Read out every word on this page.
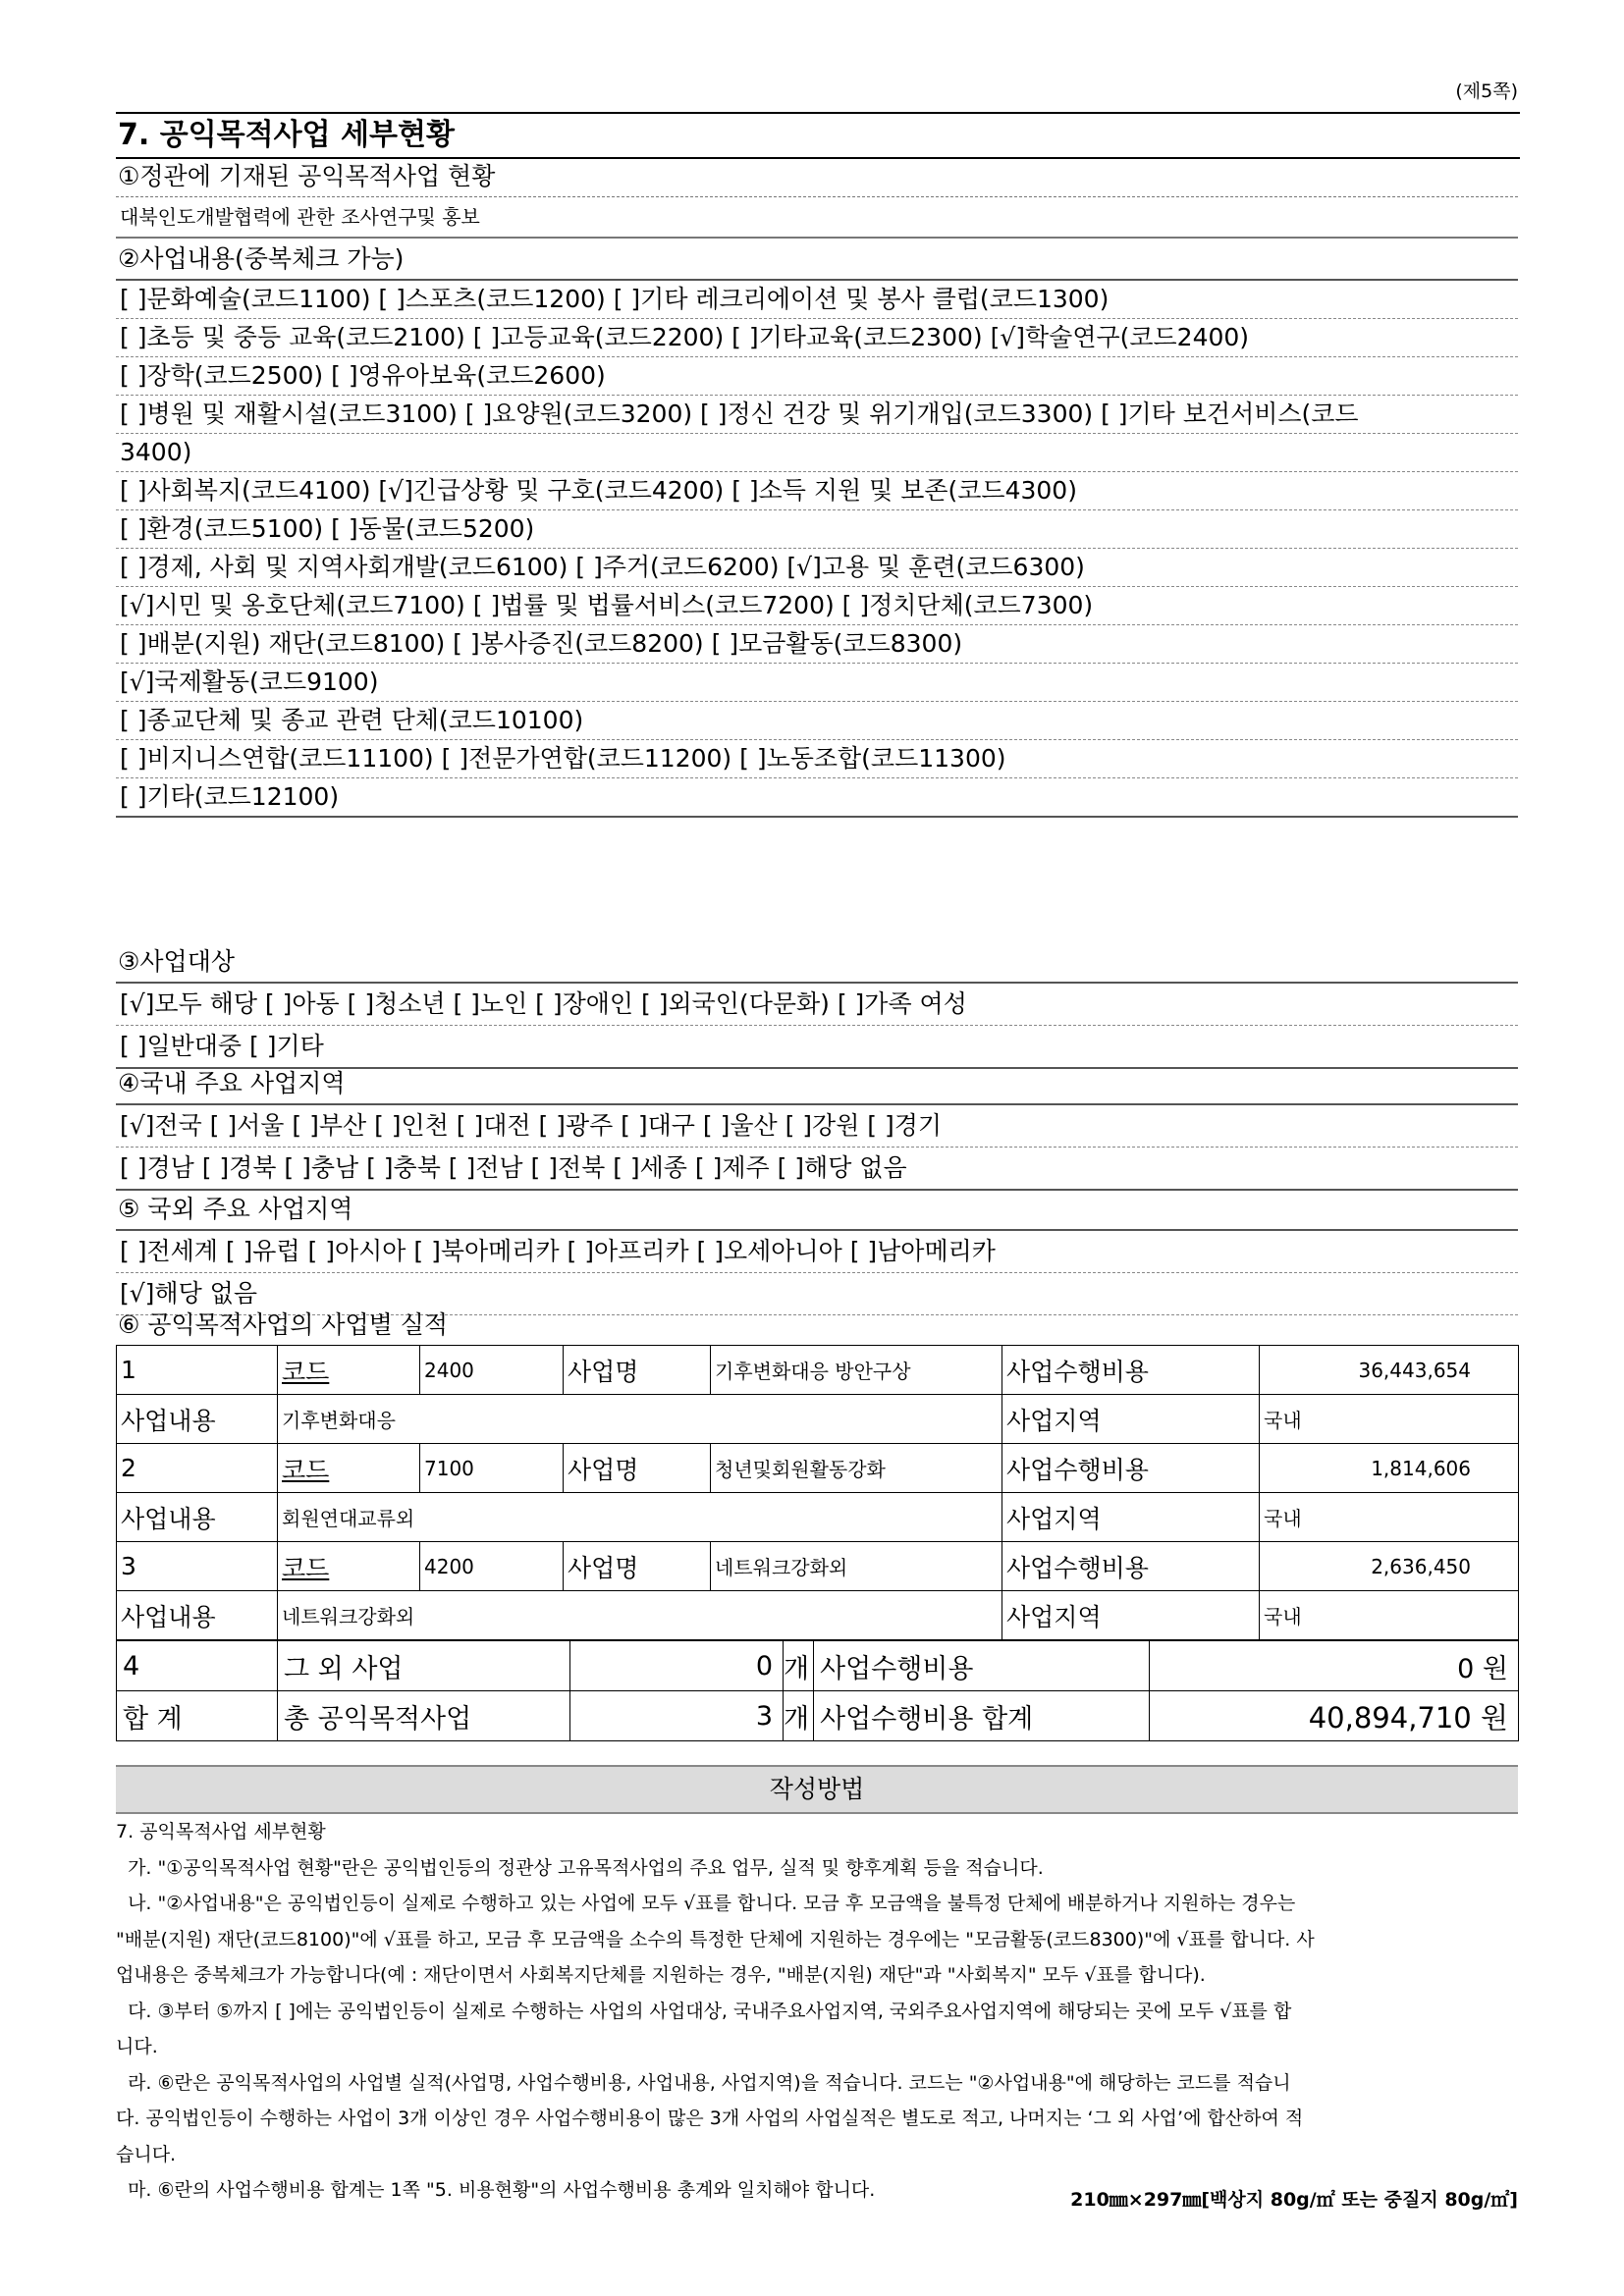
(제5쪽)
7. 공익목적사업 세부현황
①정관에 기재된 공익목적사업 현황
대북인도개발협력에 관한 조사연구및 홍보
②사업내용(중복체크 가능)
[ ]문화예술(코드1100) [ ]스포츠(코드1200) [ ]기타 레크리에이션 및 봉사 클럽(코드1300)
[ ]초등 및 중등 교육(코드2100) [ ]고등교육(코드2200) [ ]기타교육(코드2300) [√]학술연구(코드2400)
[ ]장학(코드2500) [ ]영유아보육(코드2600)
[ ]병원 및 재활시설(코드3100) [ ]요양원(코드3200) [ ]정신 건강 및 위기개입(코드3300) [ ]기타 보건서비스(코드
3400)
[ ]사회복지(코드4100) [√]긴급상황 및 구호(코드4200) [ ]소득 지원 및 보존(코드4300)
[ ]환경(코드5100) [ ]동물(코드5200)
[ ]경제, 사회 및 지역사회개발(코드6100) [ ]주거(코드6200) [√]고용 및 훈련(코드6300)
[√]시민 및 옹호단체(코드7100) [ ]법률 및 법률서비스(코드7200) [ ]정치단체(코드7300)
[ ]배분(지원) 재단(코드8100) [ ]봉사증진(코드8200) [ ]모금활동(코드8300)
[√]국제활동(코드9100)
[ ]종교단체 및 종교 관련 단체(코드10100)
[ ]비지니스연합(코드11100) [ ]전문가연합(코드11200) [ ]노동조합(코드11300)
[ ]기타(코드12100)
③사업대상
[√]모두 해당 [ ]아동 [ ]청소년 [ ]노인 [ ]장애인 [ ]외국인(다문화) [ ]가족 여성
[ ]일반대중 [ ]기타
④국내 주요 사업지역
[√]전국 [ ]서울 [ ]부산 [ ]인천 [ ]대전 [ ]광주 [ ]대구 [ ]울산 [ ]강원 [ ]경기
[ ]경남 [ ]경북 [ ]충남 [ ]충북 [ ]전남 [ ]전북 [ ]세종 [ ]제주 [ ]해당 없음
⑤ 국외 주요 사업지역
[ ]전세계 [ ]유럽 [ ]아시아 [ ]북아메리카 [ ]아프리카 [ ]오세아니아 [ ]남아메리카
[√]해당 없음
⑥ 공익목적사업의 사업별 실적
1	코드	2400	사업명	기후변화대응 방안구상	사업수행비용	36,443,654
사업내용	기후변화대응				사업지역	국내
2	코드	7100	사업명	청년및회원활동강화	사업수행비용	1,814,606
사업내용	회원연대교류외				사업지역	국내
3	코드	4200	사업명	네트워크강화외	사업수행비용	2,636,450
사업내용	네트워크강화외				사업지역	국내
4	그 외 사업	0	개	사업수행비용	0 원
합 계	총 공익목적사업	3	개	사업수행비용 합계	40,894,710 원
작성방법

7. 공익목적사업 세부현황

가. "①공익목적사업 현황"란은 공익법인등의 정관상 고유목적사업의 주요 업무, 실적 및 향후계획 등을 적습니다.

나. "②사업내용"은 공익법인등이 실제로 수행하고 있는 사업에 모두 √표를 합니다. 모금 후 모금액을 불특정 단체에 배분하거나 지원하는 경우는

"배분(지원) 재단(코드8100)"에 √표를 하고, 모금 후 모금액을 소수의 특정한 단체에 지원하는 경우에는 "모금활동(코드8300)"에 √표를 합니다. 사

업내용은 중복체크가 가능합니다(예 : 재단이면서 사회복지단체를 지원하는 경우, "배분(지원) 재단"과 "사회복지" 모두 √표를 합니다).

다. ③부터 ⑤까지 [ ]에는 공익법인등이 실제로 수행하는 사업의 사업대상, 국내주요사업지역, 국외주요사업지역에 해당되는 곳에 모두 √표를 합

니다.

라. ⑥란은 공익목적사업의 사업별 실적(사업명, 사업수행비용, 사업내용, 사업지역)을 적습니다. 코드는 "②사업내용"에 해당하는 코드를 적습니

다. 공익법인등이 수행하는 사업이 3개 이상인 경우 사업수행비용이 많은 3개 사업의 사업실적은 별도로 적고, 나머지는 ‘그 외 사업’에 합산하여 적

습니다.

마. ⑥란의 사업수행비용 합계는 1쪽 "5. 비용현황"의 사업수행비용 총계와 일치해야 합니다.	210㎜×297㎜[백상지 80g/㎡ 또는 중질지 80g/㎡]
